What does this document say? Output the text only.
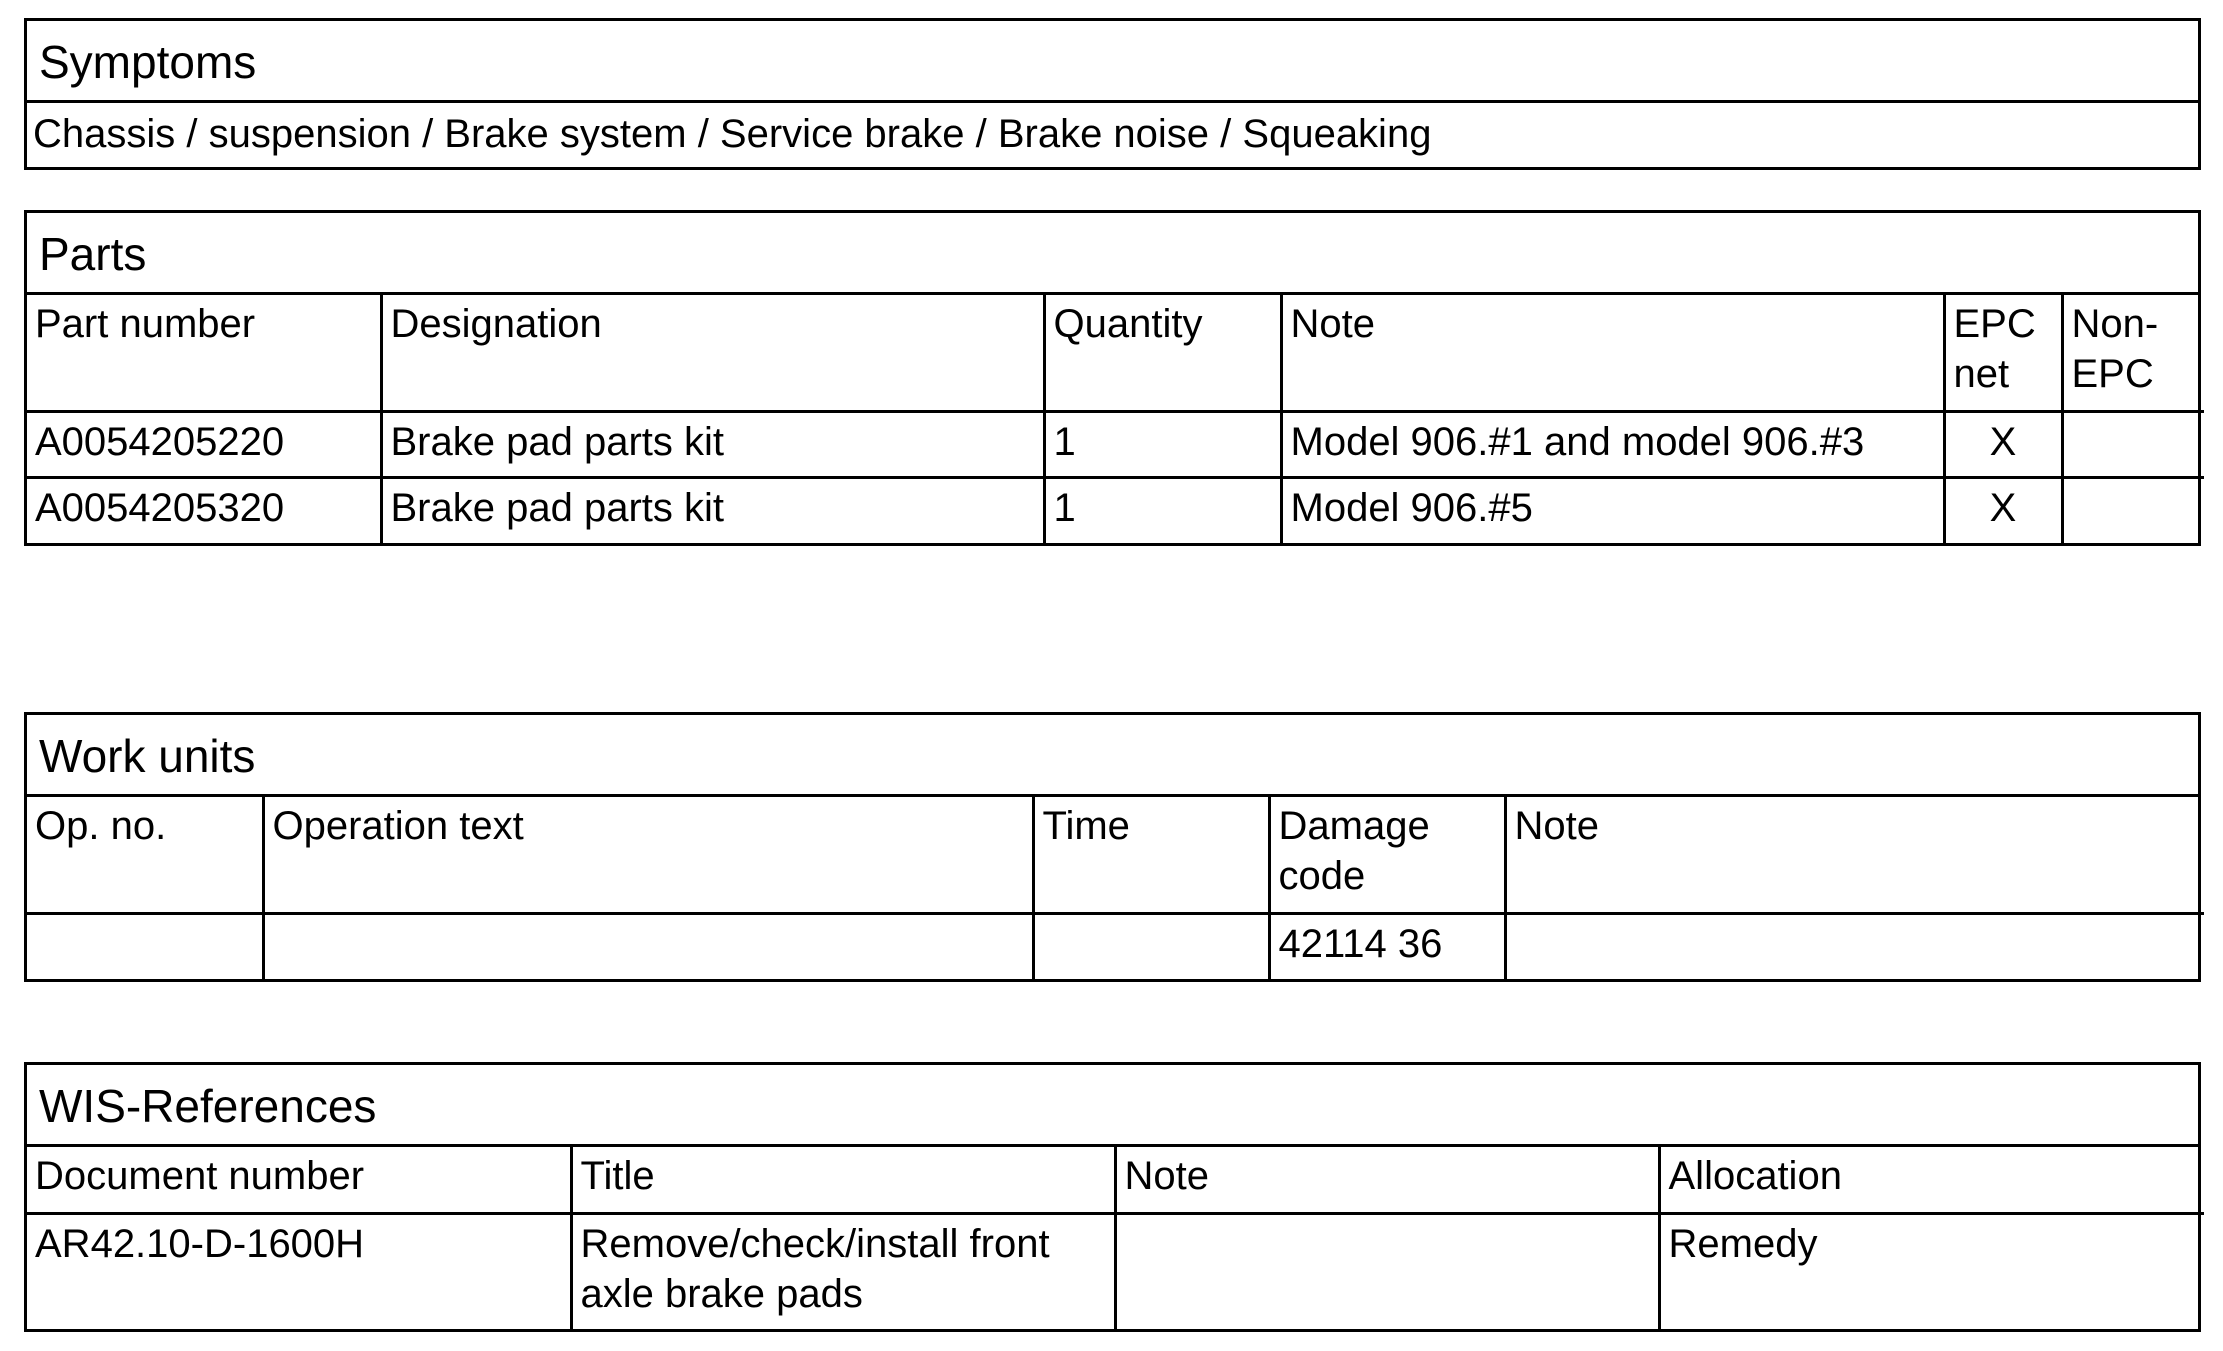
Symptoms
Chassis / suspension / Brake system / Service brake / Brake noise / Squeaking
Parts
Part number	Designation	Quantity	Note	EPC net	Non-EPC
A0054205220	Brake pad parts kit	1	Model 906.#1 and model 906.#3	X	
A0054205320	Brake pad parts kit	1	Model 906.#5	X	
Work units
Op. no.	Operation text	Time	Damage code	Note
			42114 36	
WIS-References
Document number	Title	Note	Allocation
AR42.10-D-1600H	Remove/check/install front axle brake pads		Remedy
